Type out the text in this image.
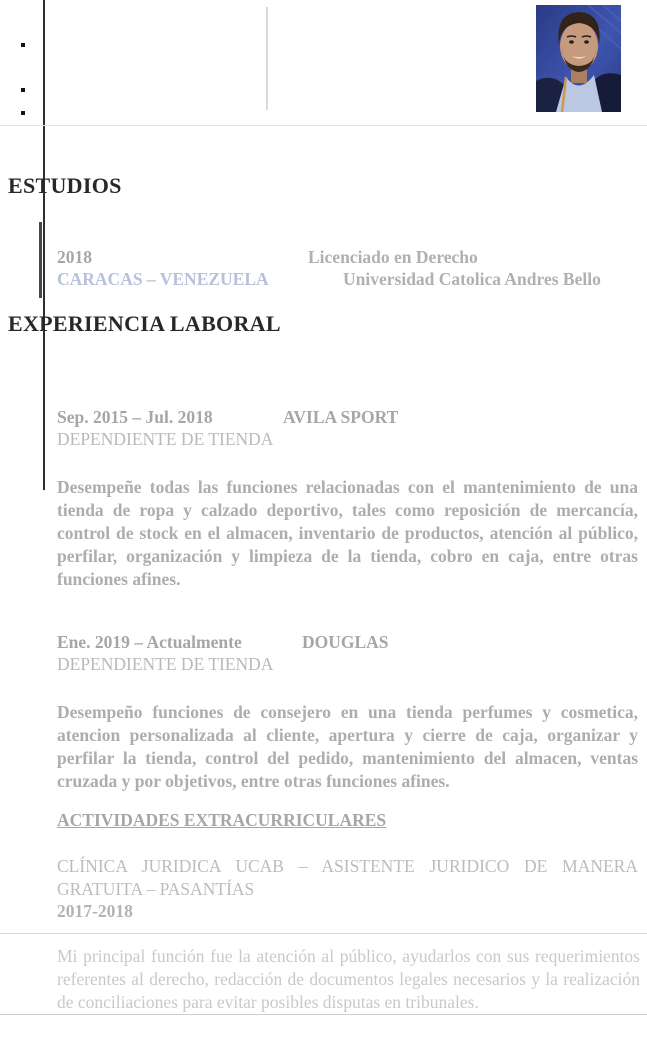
ESTUDIOS
2018	Licenciado en Derecho
CARACAS – VENEZUELA	Universidad Catolica Andres Bello
EXPERIENCIA LABORAL
Sep. 2015 – Jul. 2018	AVILA SPORT
DEPENDIENTE DE TIENDA
Desempeñe todas las funciones relacionadas con el mantenimiento de una tienda de ropa y calzado deportivo, tales como reposición de mercancía, control de stock en el almacen, inventario de productos, atención al público, perfilar, organización y limpieza de la tienda, cobro en caja, entre otras funciones afines.
Ene. 2019 – Actualmente	DOUGLAS
DEPENDIENTE DE TIENDA
Desempeño funciones de consejero en una tienda perfumes y cosmetica, atencion personalizada al cliente, apertura y cierre de caja, organizar y perfilar la tienda, control del pedido, mantenimiento del almacen, ventas cruzada y por objetivos, entre otras funciones afines.
ACTIVIDADES EXTRACURRICULARES
CLÍNICA JURIDICA UCAB – ASISTENTE JURIDICO DE MANERA GRATUITA – PASANTÍAS
2017-2018
Mi principal función fue la atención al público, ayudarlos con sus requerimientos referentes al derecho, redacción de documentos legales necesarios y la realización de conciliaciones para evitar posibles disputas en tribunales.
